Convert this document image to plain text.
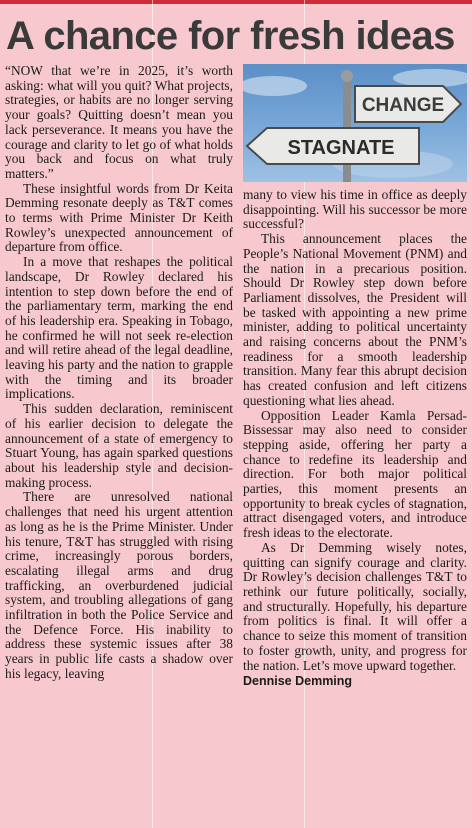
A chance for fresh ideas

“NOW that we’re in 2025, it’s worth asking: what will you quit? What projects, strategies, or habits are no longer serving your goals? Quitting doesn’t mean you lack perseverance. It means you have the courage and clarity to let go of what holds you back and focus on what truly matters.”

These insightful words from Dr Keita Demming resonate deeply as T&T comes to terms with Prime Minister Dr Keith Rowley’s unexpected announcement of departure from office.

In a move that reshapes the political landscape, Dr Rowley declared his intention to step down before the end of the parliamentary term, marking the end of his leadership era. Speaking in Tobago, he confirmed he will not seek re-election and will retire ahead of the legal deadline, leaving his party and the nation to grapple with the timing and its broader implications.

This sudden declaration, reminiscent of his earlier decision to delegate the announcement of a state of emergency to Stuart Young, has again sparked questions about his leadership style and decision-making process.

There are unresolved national challenges that need his urgent attention as long as he is the Prime Minister. Under his tenure, T&T has struggled with rising crime, increasingly porous borders, escalating illegal arms and drug trafficking, an overburdened judicial system, and troubling allegations of gang infiltration in both the Police Service and the Defence Force. His inability to address these systemic issues after 38 years in public life casts a shadow over his legacy, leaving

CHANGE
STAGNATE

many to view his time in office as deeply disappointing. Will his successor be more successful?

This announcement places the People’s National Movement (PNM) and the nation in a precarious position. Should Dr Rowley step down before Parliament dissolves, the President will be tasked with appointing a new prime minister, adding to political uncertainty and raising concerns about the PNM’s readiness for a smooth leadership transition. Many fear this abrupt decision has created confusion and left citizens questioning what lies ahead.

Opposition Leader Kamla Persad-Bissessar may also need to consider stepping aside, offering her party a chance to redefine its leadership and direction. For both major political parties, this moment presents an opportunity to break cycles of stagnation, attract disengaged voters, and introduce fresh ideas to the electorate.

As Dr Demming wisely notes, quitting can signify courage and clarity. Dr Rowley’s decision challenges T&T to rethink our future politically, socially, and structurally. Hopefully, his departure from politics is final. It will offer a chance to seize this moment of transition to foster growth, unity, and progress for the nation. Let’s move upward together.

Dennise Demming
